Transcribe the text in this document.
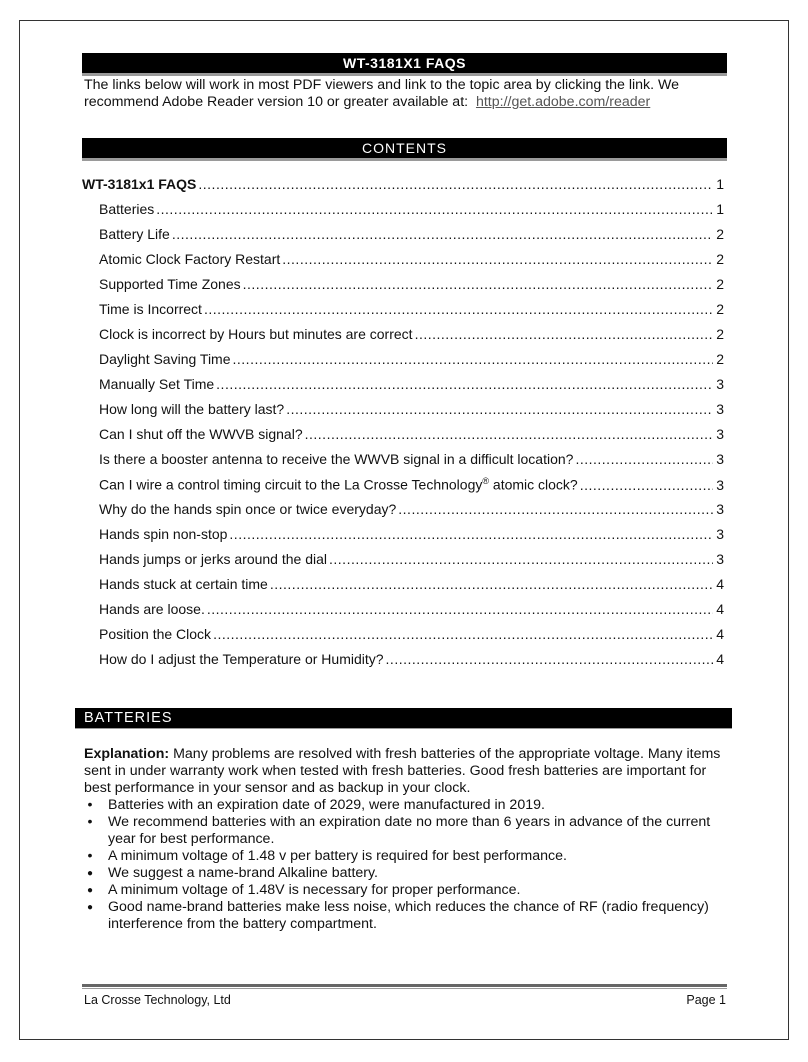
WT-3181X1 FAQS
The links below will work in most PDF viewers and link to the topic area by clicking the link. We recommend Adobe Reader version 10 or greater available at: http://get.adobe.com/reader
CONTENTS
WT-3181x1 FAQS .....	1
Batteries .....	1
Battery Life .....	2
Atomic Clock Factory Restart .....	2
Supported Time Zones .....	2
Time is Incorrect .....	2
Clock is incorrect by Hours but minutes are correct .....	2
Daylight Saving Time .....	2
Manually Set Time .....	3
How long will the battery last? .....	3
Can I shut off the WWVB signal? .....	3
Is there a booster antenna to receive the WWVB signal in a difficult location? .....	3
Can I wire a control timing circuit to the La Crosse Technology® atomic clock? .....	3
Why do the hands spin once or twice everyday? .....	3
Hands spin non-stop .....	3
Hands jumps or jerks around the dial .....	3
Hands stuck at certain time .....	4
Hands are loose. .....	4
Position the Clock .....	4
How do I adjust the Temperature or Humidity? .....	4
BATTERIES
Explanation: Many problems are resolved with fresh batteries of the appropriate voltage. Many items sent in under warranty work when tested with fresh batteries. Good fresh batteries are important for best performance in your sensor and as backup in your clock.
• Batteries with an expiration date of 2029, were manufactured in 2019.
• We recommend batteries with an expiration date no more than 6 years in advance of the current year for best performance.
• A minimum voltage of 1.48 v per battery is required for best performance.
● We suggest a name-brand Alkaline battery.
● A minimum voltage of 1.48V is necessary for proper performance.
● Good name-brand batteries make less noise, which reduces the chance of RF (radio frequency) interference from the battery compartment.
La Crosse Technology, Ltd	Page 1
